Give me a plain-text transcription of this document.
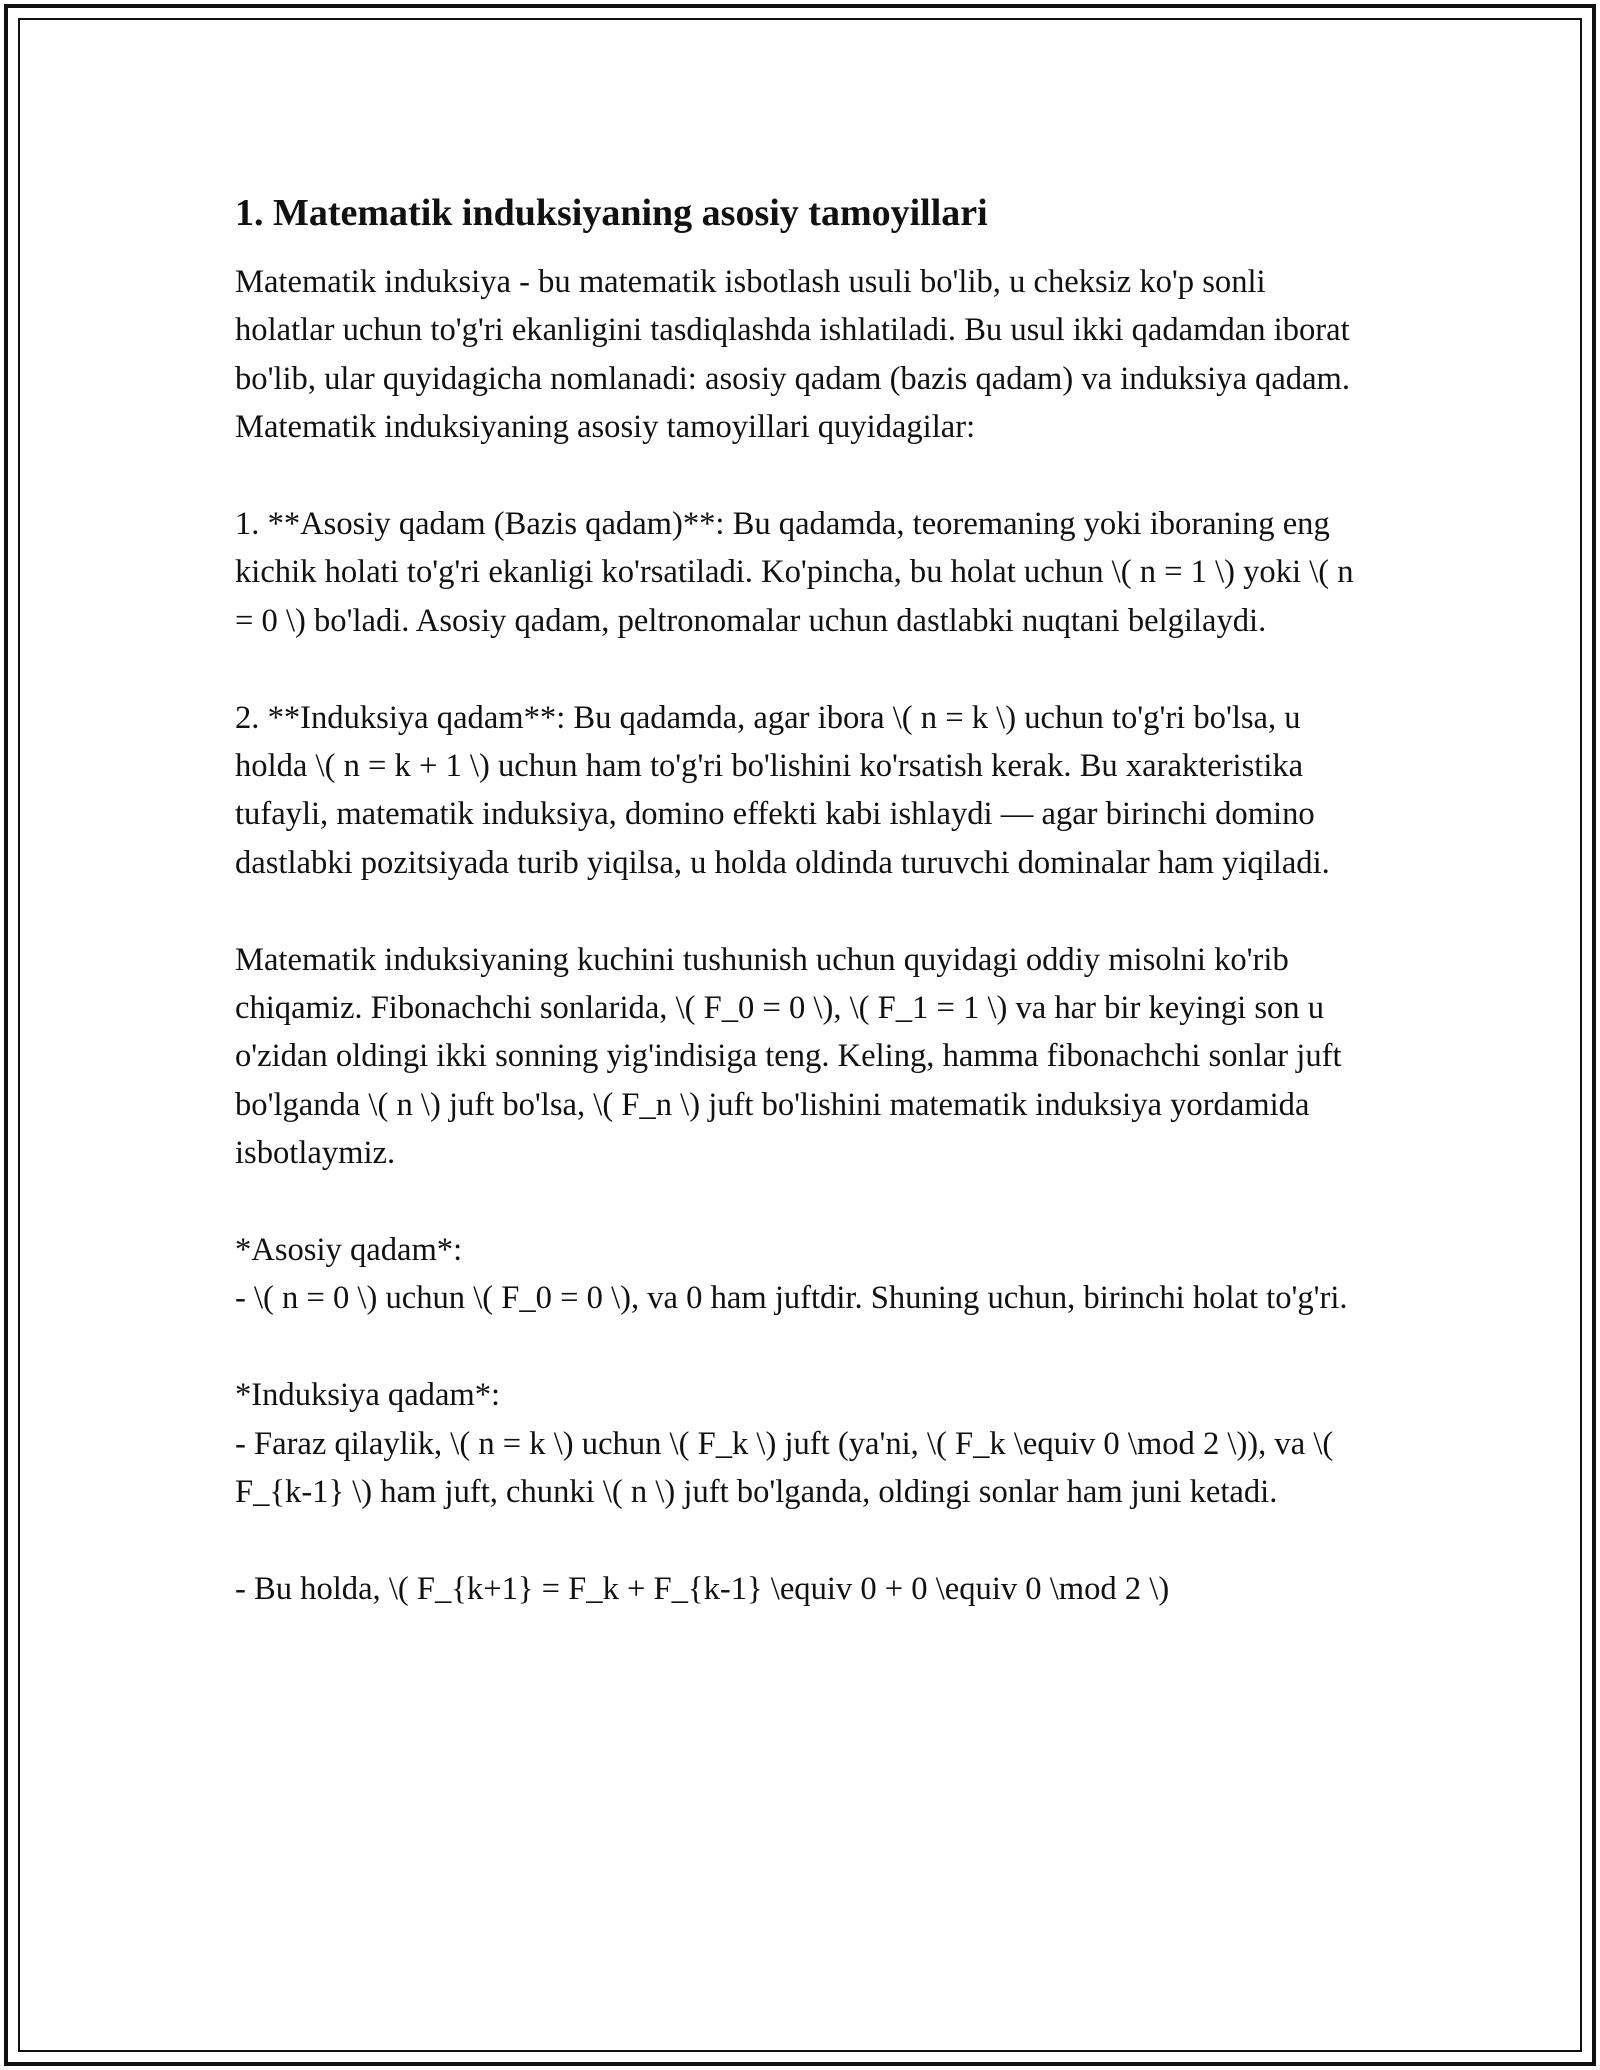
1. Matematik induksiyaning asosiy tamoyillari

Matematik induksiya - bu matematik isbotlash usuli bo'lib, u cheksiz ko'p sonli holatlar uchun to'g'ri ekanligini tasdiqlashda ishlatiladi. Bu usul ikki qadamdan iborat bo'lib, ular quyidagicha nomlanadi: asosiy qadam (bazis qadam) va induksiya qadam. Matematik induksiyaning asosiy tamoyillari quyidagilar:

1. **Asosiy qadam (Bazis qadam)**: Bu qadamda, teoremaning yoki iboraning eng kichik holati to'g'ri ekanligi ko'rsatiladi. Ko'pincha, bu holat uchun \( n = 1 \) yoki \( n = 0 \) bo'ladi. Asosiy qadam, peltronomalar uchun dastlabki nuqtani belgilaydi.

2. **Induksiya qadam**: Bu qadamda, agar ibora \( n = k \) uchun to'g'ri bo'lsa, u holda \( n = k + 1 \) uchun ham to'g'ri bo'lishini ko'rsatish kerak. Bu xarakteristika tufayli, matematik induksiya, domino effekti kabi ishlaydi — agar birinchi domino dastlabki pozitsiyada turib yiqilsa, u holda oldinda turuvchi dominalar ham yiqiladi.

Matematik induksiyaning kuchini tushunish uchun quyidagi oddiy misolni ko'rib chiqamiz. Fibonachchi sonlarida, \( F_0 = 0 \), \( F_1 = 1 \) va har bir keyingi son u o'zidan oldingi ikki sonning yig'indisiga teng. Keling, hamma fibonachchi sonlar juft bo'lganda \( n \) juft bo'lsa, \( F_n \) juft bo'lishini matematik induksiya yordamida isbotlaymiz.

*Asosiy qadam*:

- \( n = 0 \) uchun \( F_0 = 0 \), va 0 ham juftdir. Shuning uchun, birinchi holat to'g'ri.

*Induksiya qadam*:

- Faraz qilaylik, \( n = k \) uchun \( F_k \) juft (ya'ni, \( F_k \equiv 0 \mod 2 \)), va \( F_{k-1} \) ham juft, chunki \( n \) juft bo'lganda, oldingi sonlar ham juni ketadi.

- Bu holda, \( F_{k+1} = F_k + F_{k-1} \equiv 0 + 0 \equiv 0 \mod 2 \)
